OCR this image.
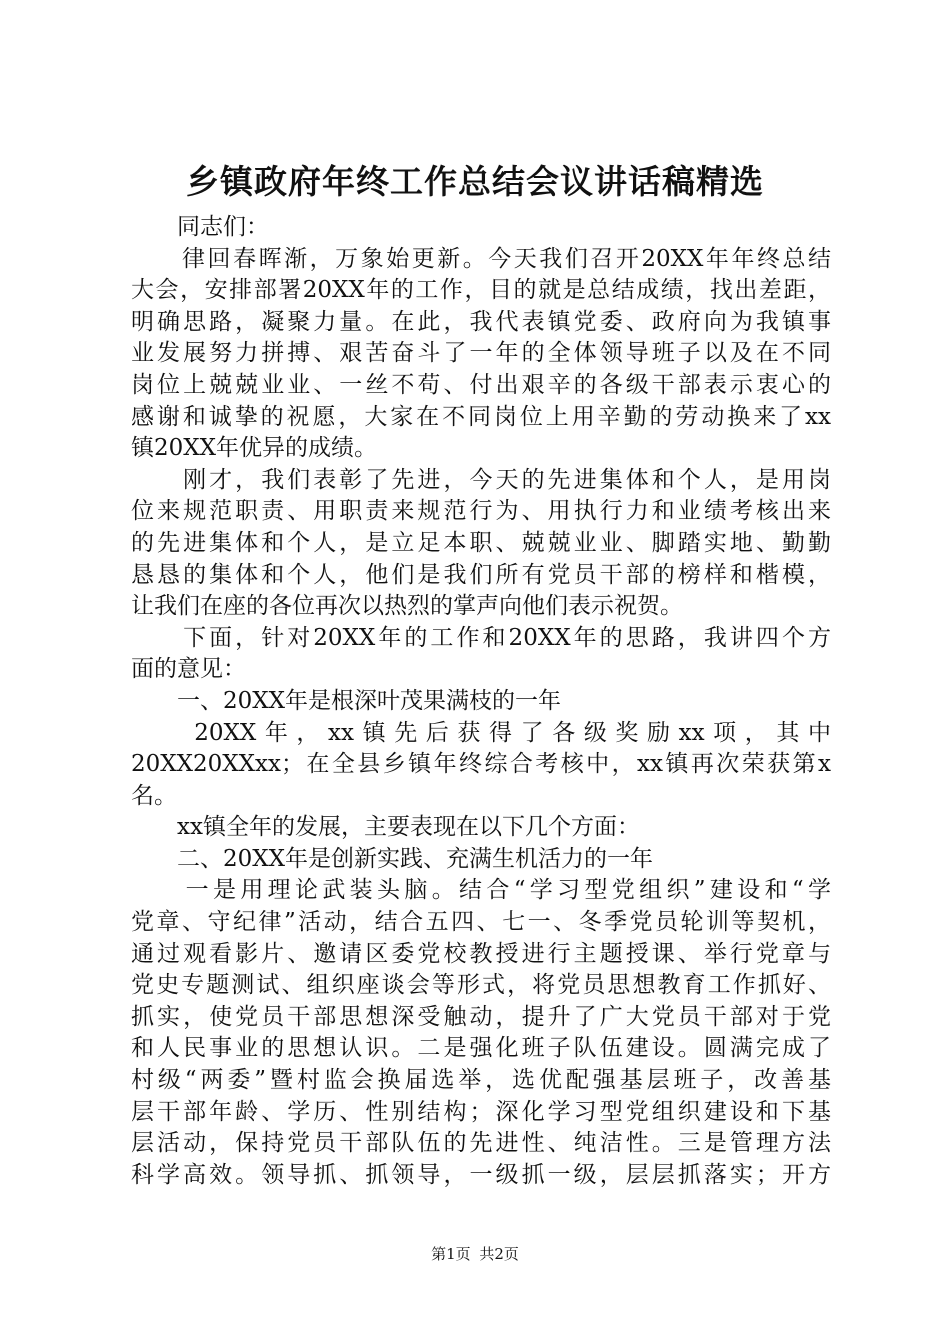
乡镇政府年终工作总结会议讲话稿精选
　　同志们：
　　律回春晖渐，万象始更新。今天我们召开20XX年年终总结
大会，安排部署20XX年的工作，目的就是总结成绩，找出差距，
明确思路，凝聚力量。在此，我代表镇党委、政府向为我镇事
业发展努力拼搏、艰苦奋斗了一年的全体领导班子以及在不同
岗位上兢兢业业、一丝不苟、付出艰辛的各级干部表示衷心的
感谢和诚挚的祝愿，大家在不同岗位上用辛勤的劳动换来了xx
镇20XX年优异的成绩。
　　刚才，我们表彰了先进，今天的先进集体和个人，是用岗
位来规范职责、用职责来规范行为、用执行力和业绩考核出来
的先进集体和个人，是立足本职、兢兢业业、脚踏实地、勤勤
恳恳的集体和个人，他们是我们所有党员干部的榜样和楷模，
让我们在座的各位再次以热烈的掌声向他们表示祝贺。
　　下面，针对20XX年的工作和20XX年的思路，我讲四个方
面的意见：
　　一、20XX年是根深叶茂果满枝的一年
　　20XX年，xx镇先后获得了各级奖励xx项，其中
20XX20XXxx；在全县乡镇年终综合考核中，xx镇再次荣获第x
名。
　　xx镇全年的发展，主要表现在以下几个方面：
　　二、20XX年是创新实践、充满生机活力的一年
　　一是用理论武装头脑。结合“学习型党组织”建设和“学
党章、守纪律”活动，结合五四、七一、冬季党员轮训等契机，
通过观看影片、邀请区委党校教授进行主题授课、举行党章与
党史专题测试、组织座谈会等形式，将党员思想教育工作抓好、
抓实，使党员干部思想深受触动，提升了广大党员干部对于党
和人民事业的思想认识。二是强化班子队伍建设。圆满完成了
村级“两委”暨村监会换届选举，选优配强基层班子，改善基
层干部年龄、学历、性别结构；深化学习型党组织建设和下基
层活动，保持党员干部队伍的先进性、纯洁性。三是管理方法
科学高效。领导抓、抓领导，一级抓一级，层层抓落实；开方
第1页 共2页
